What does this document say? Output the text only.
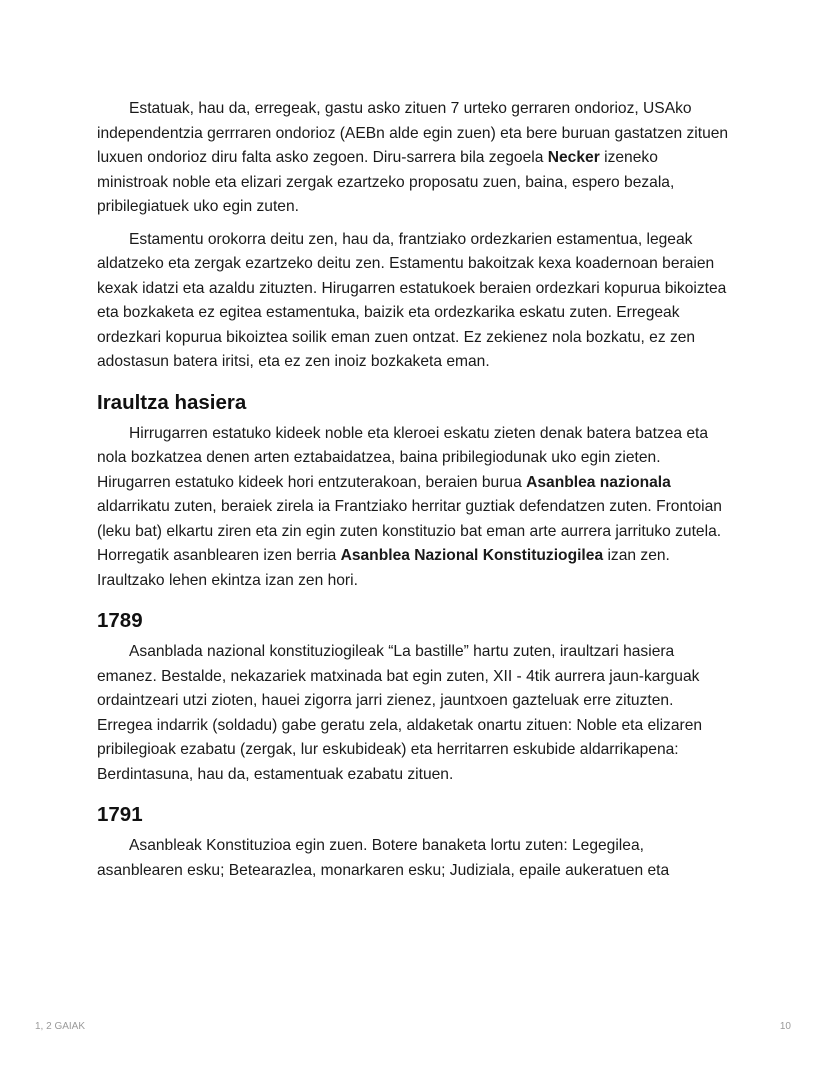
Estatuak, hau da, erregeak, gastu asko zituen 7 urteko gerraren ondorioz, USAko independentzia gerrraren ondorioz (AEBn alde egin zuen) eta bere buruan gastatzen zituen luxuen ondorioz diru falta asko zegoen. Diru-sarrera bila zegoela Necker izeneko ministroak noble eta elizari zergak ezartzeko proposatu zuen, baina, espero bezala, pribilegiatuek uko egin zuten.

Estamentu orokorra deitu zen, hau da, frantziako ordezkarien estamentua, legeak aldatzeko eta zergak ezartzeko deitu zen. Estamentu bakoitzak kexa koadernoan beraien kexak idatzi eta azaldu zituzten. Hirugarren estatukoek beraien ordezkari kopurua bikoiztea eta bozkaketa ez egitea estamentuka, baizik eta ordezkarika eskatu zuten. Erregeak ordezkari kopurua bikoiztea soilik eman zuen ontzat. Ez zekienez nola bozkatu, ez zen adostasun batera iritsi, eta ez zen inoiz bozkaketa eman.

Iraultza hasiera

Hirrugarren estatuko kideek noble eta kleroei eskatu zieten denak batera batzea eta nola bozkatzea denen arten eztabaidatzea, baina pribilegiodunak uko egin zieten. Hirugarren estatuko kideek hori entzuterakoan, beraien burua Asanblea nazionala aldarrikatu zuten, beraiek zirela ia Frantziako herritar guztiak defendatzen zuten. Frontoian (leku bat) elkartu ziren eta zin egin zuten konstituzio bat eman arte aurrera jarrituko zutela. Horregatik asanblearen izen berria Asanblea Nazional Konstituziogilea izan zen. Iraultzako lehen ekintza izan zen hori.

1789

Asanblada nazional konstituziogileak “La bastille” hartu zuten, iraultzari hasiera emanez. Bestalde, nekazariek matxinada bat egin zuten, XII - 4tik aurrera jaun-karguak ordaintzeari utzi zioten, hauei zigorra jarri zienez, jauntxoen gazteluak erre zituzten. Erregea indarrik (soldadu) gabe geratu zela, aldaketak onartu zituen: Noble eta elizaren pribilegioak ezabatu (zergak, lur eskubideak) eta herritarren eskubide aldarrikapena: Berdintasuna, hau da, estamentuak ezabatu zituen.

1791

Asanbleak Konstituzioa egin zuen. Botere banaketa lortu zuten: Legegilea, asanblearen esku; Betearazlea, monarkaren esku; Judiziala, epaile aukeratuen eta

1, 2 GAIAK	10
